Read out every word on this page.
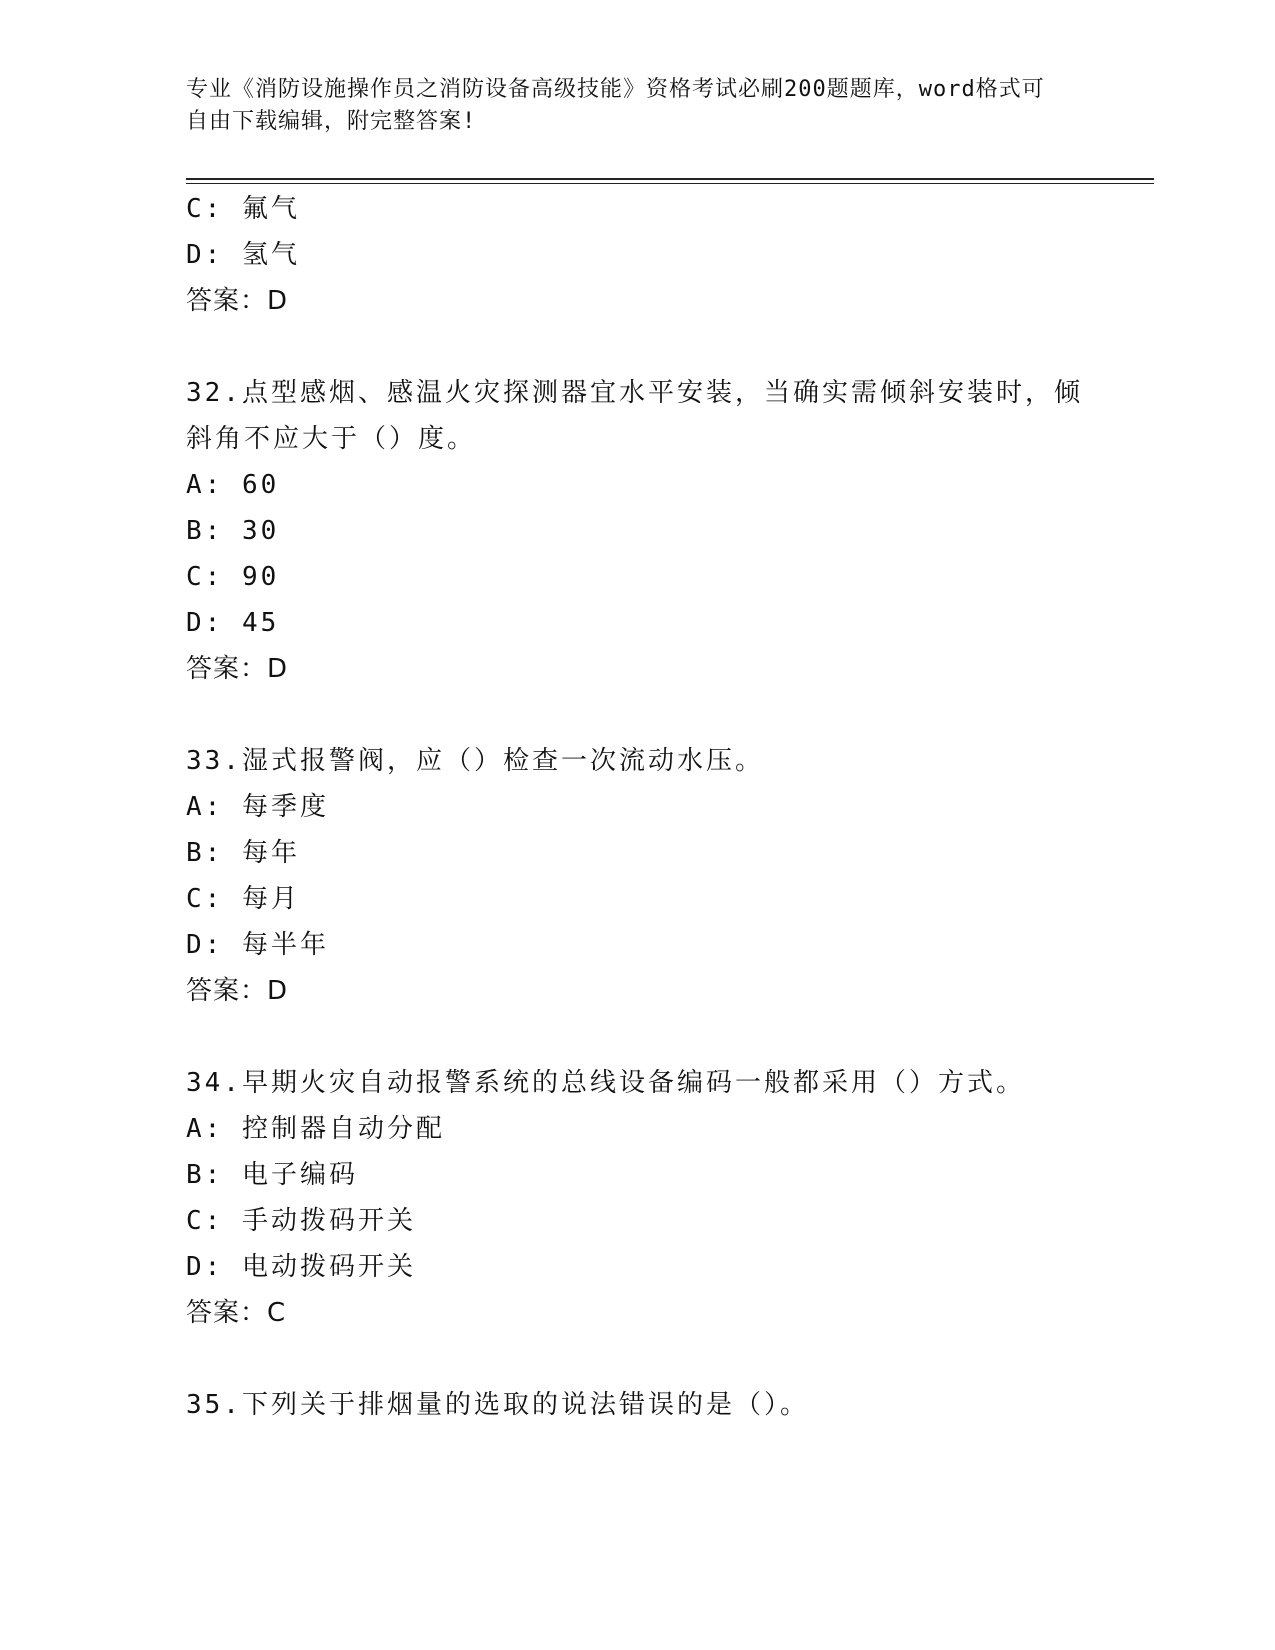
专业《消防设施操作员之消防设备高级技能》资格考试必刷200题题库，word格式可自由下载编辑，附完整答案!
C: 氟气
D: 氢气
答案：D
32.点型感烟、感温火灾探测器宜水平安装，当确实需倾斜安装时，倾斜角不应大于（）度。
A: 60
B: 30
C: 90
D: 45
答案：D
33.湿式报警阀，应（）检查一次流动水压。
A: 每季度
B: 每年
C: 每月
D: 每半年
答案：D
34.早期火灾自动报警系统的总线设备编码一般都采用（）方式。
A: 控制器自动分配
B: 电子编码
C: 手动拨码开关
D: 电动拨码开关
答案：C
35.下列关于排烟量的选取的说法错误的是（）。
